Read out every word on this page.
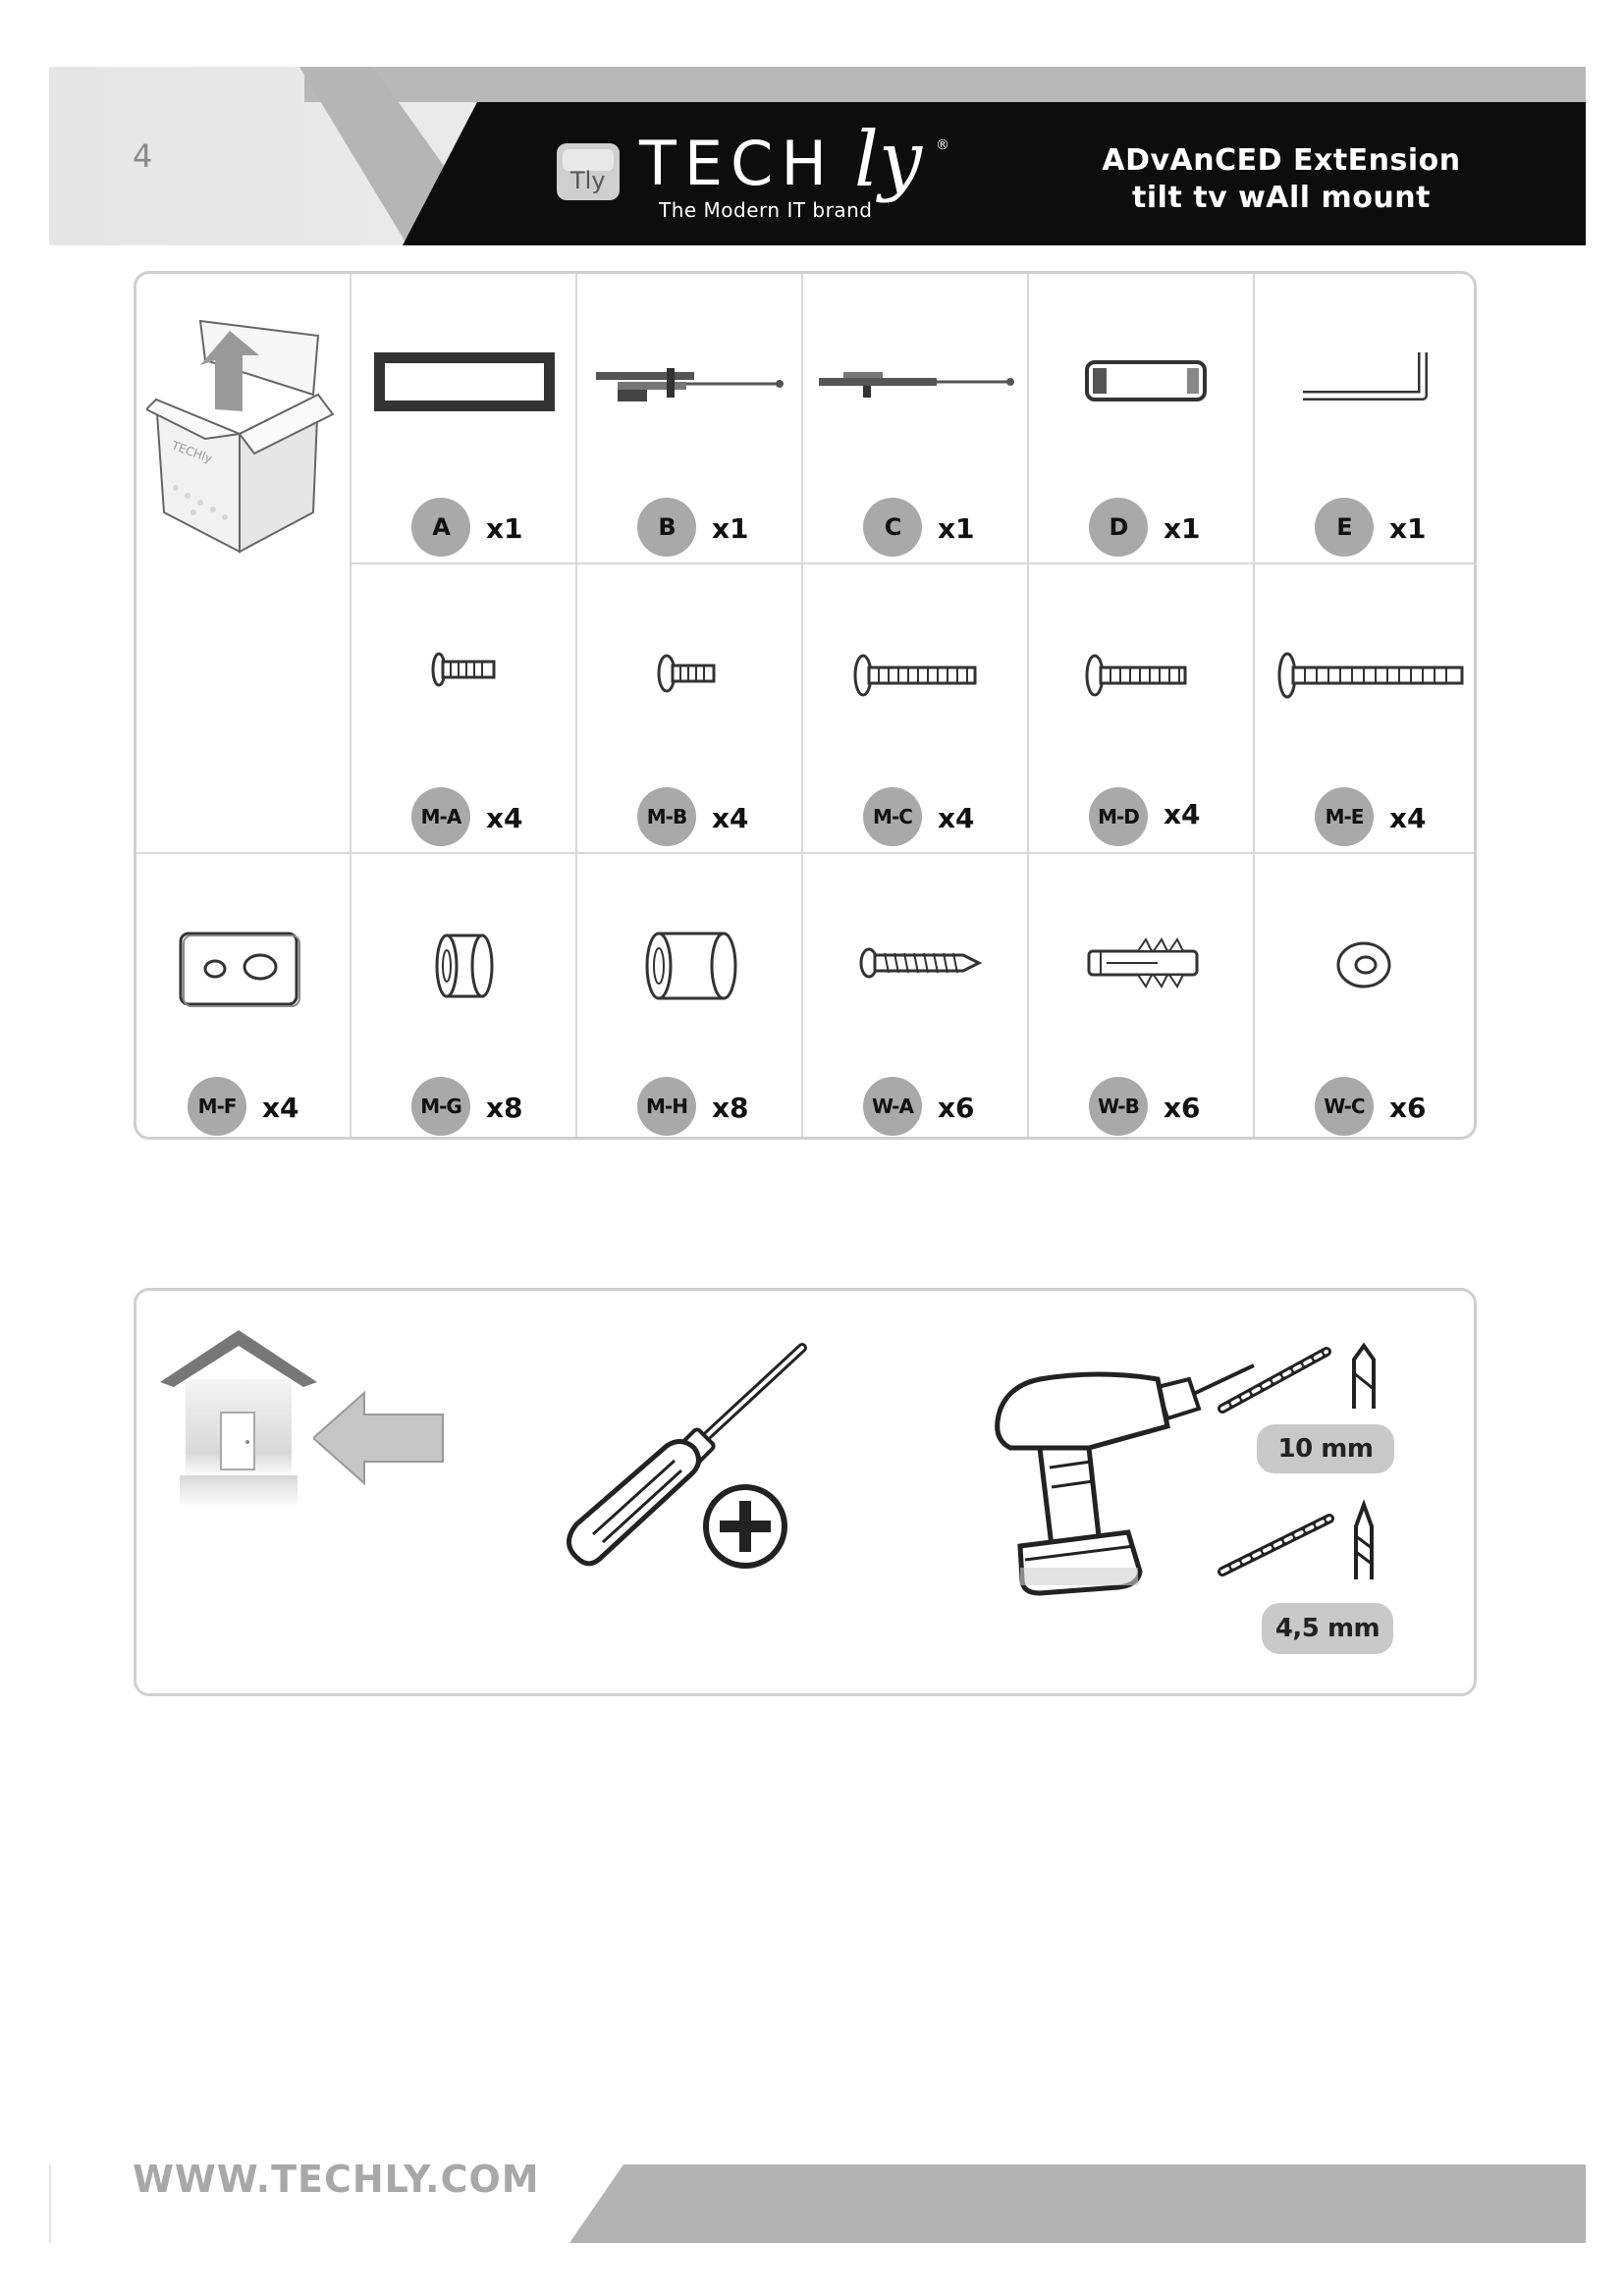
4
Tly TECH ly ®
The Modern IT brand
ADvAnCED ExtEnsion
tilt tv wAll mount
TECHly
A	x1	B	x1	C	x1	D	x1	E	x1
M-A x4	M-B x4	M-C x4	M-D x4	M-E x4
M-F x4	M-G x8	M-H x8	W-A x6	W-B x6	W-C x6
10 mm
4,5 mm
WWW.TECHLY.COM
